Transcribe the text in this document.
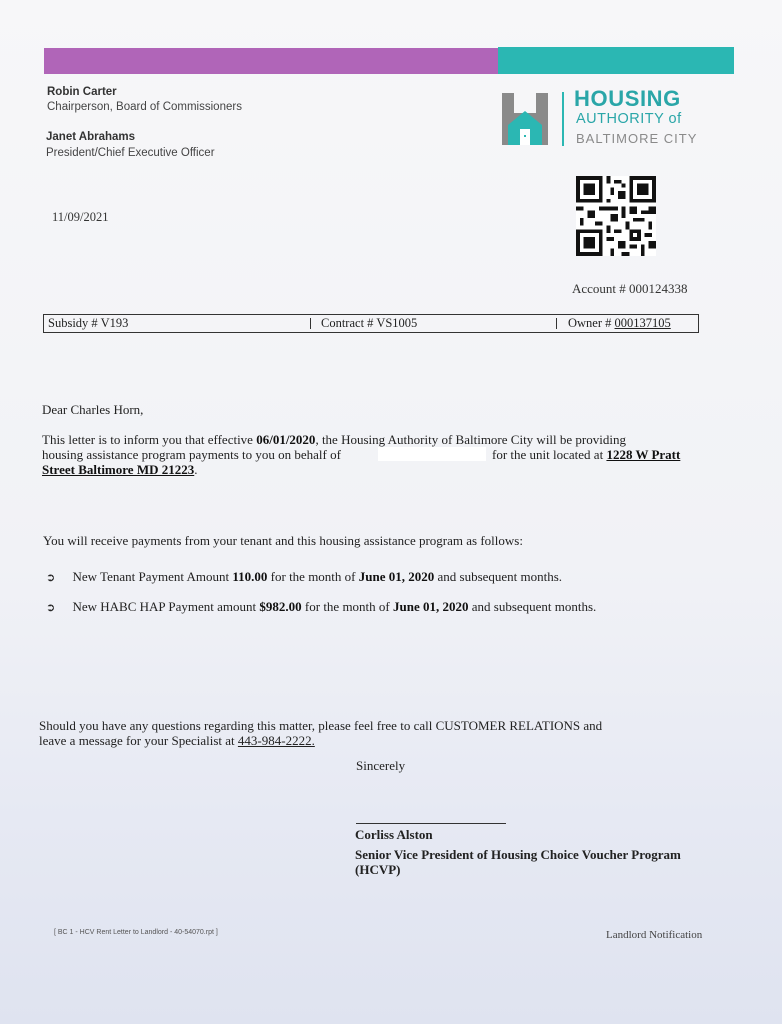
Robin Carter
Chairperson, Board of Commissioners
Janet Abrahams
President/Chief Executive Officer
HOUSING
AUTHORITY of
BALTIMORE CITY
11/09/2021
Account # 000124338
Subsidy # V193	Contract # VS1005	Owner # 000137105
Dear Charles Horn,
This letter is to inform you that effective 06/01/2020, the Housing Authority of Baltimore City will be providing
housing assistance program payments to you on behalf of	for the unit located at 1228 W Pratt
Street Baltimore MD 21223.
You will receive payments from your tenant and this housing assistance program as follows:
➲ New Tenant Payment Amount 110.00 for the month of June 01, 2020 and subsequent months.
➲ New HABC HAP Payment amount $982.00 for the month of June 01, 2020 and subsequent months.
Should you have any questions regarding this matter, please feel free to call CUSTOMER RELATIONS and
leave a message for your Specialist at 443-984-2222.
Sincerely
Corliss Alston
Senior Vice President of Housing Choice Voucher Program
(HCVP)
[ BC 1 - HCV Rent Letter to Landlord - 40-54070.rpt ]	Landlord Notification
